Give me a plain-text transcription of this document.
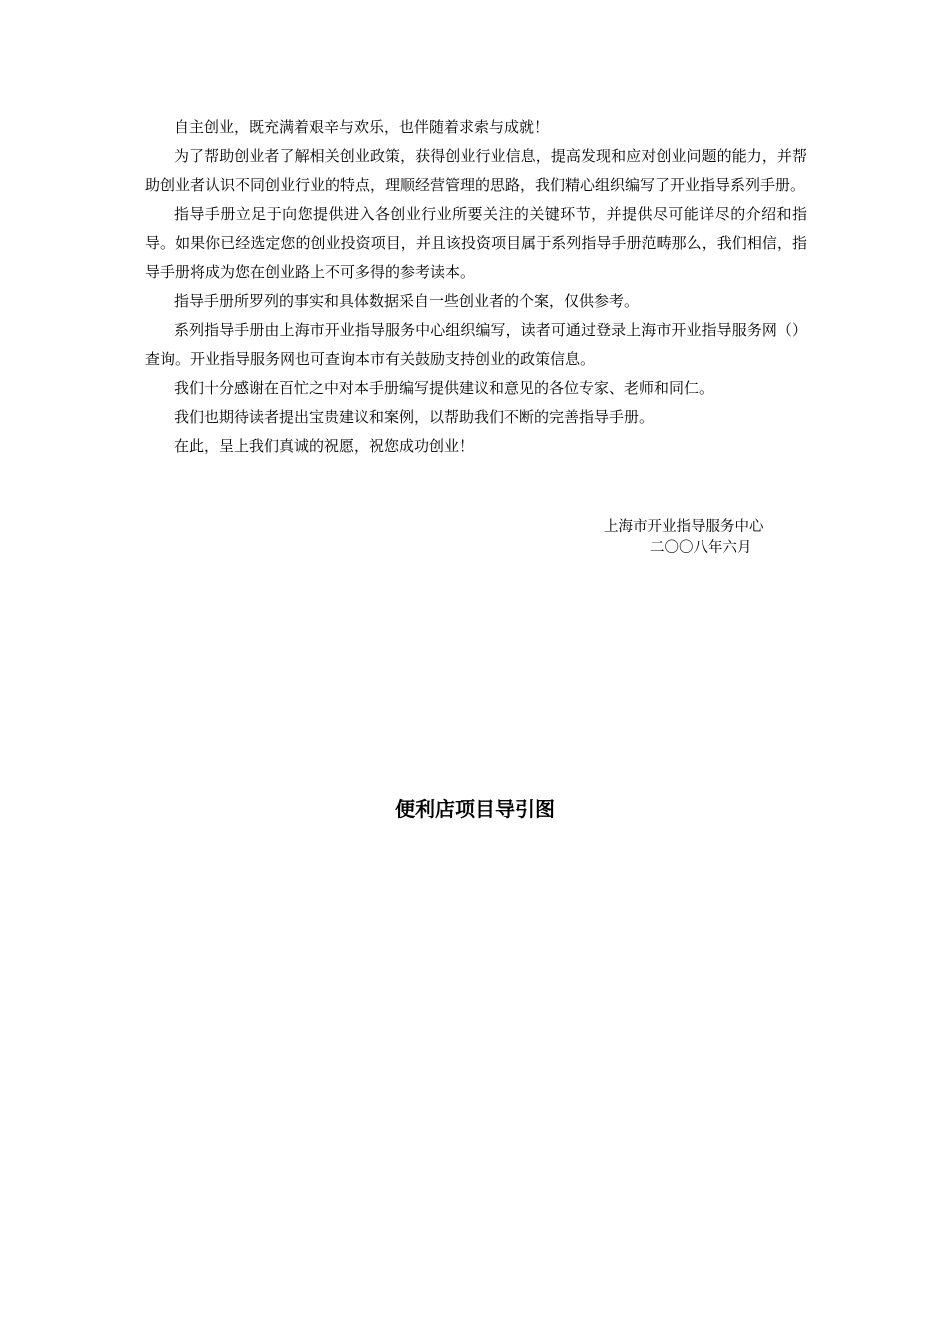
自主创业，既充满着艰辛与欢乐，也伴随着求索与成就！

为了帮助创业者了解相关创业政策，获得创业行业信息，提高发现和应对创业问题的能力，并帮助创业者认识不同创业行业的特点，理顺经营管理的思路，我们精心组织编写了开业指导系列手册。

指导手册立足于向您提供进入各创业行业所要关注的关键环节，并提供尽可能详尽的介绍和指导。如果你已经选定您的创业投资项目，并且该投资项目属于系列指导手册范畴那么，我们相信，指导手册将成为您在创业路上不可多得的参考读本。

指导手册所罗列的事实和具体数据采自一些创业者的个案，仅供参考。

系列指导手册由上海市开业指导服务中心组织编写，读者可通过登录上海市开业指导服务网（）查询。开业指导服务网也可查询本市有关鼓励支持创业的政策信息。

我们十分感谢在百忙之中对本手册编写提供建议和意见的各位专家、老师和同仁。

我们也期待读者提出宝贵建议和案例，以帮助我们不断的完善指导手册。

在此，呈上我们真诚的祝愿，祝您成功创业！

上海市开业指导服务中心
二〇〇八年六月
便利店项目导引图
